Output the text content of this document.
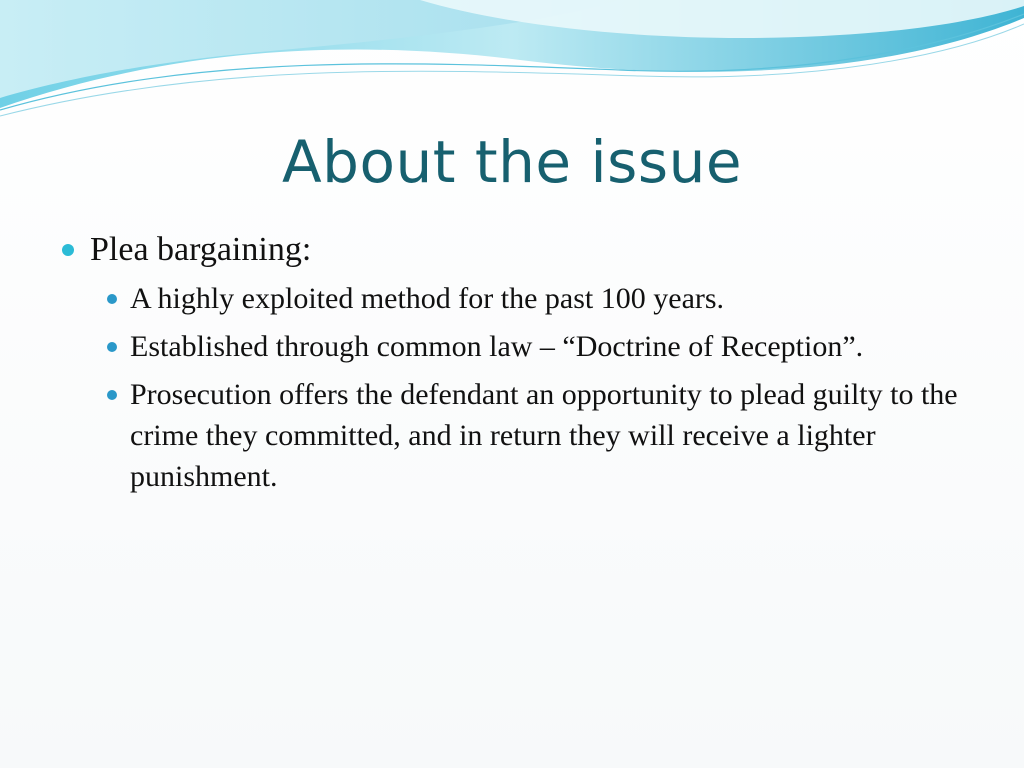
About the issue
Plea bargaining:
A highly exploited method for the past 100 years.
Established through common law – “Doctrine of Reception”.
Prosecution offers the defendant an opportunity to plead guilty to the crime they committed, and in return they will receive a lighter punishment.
